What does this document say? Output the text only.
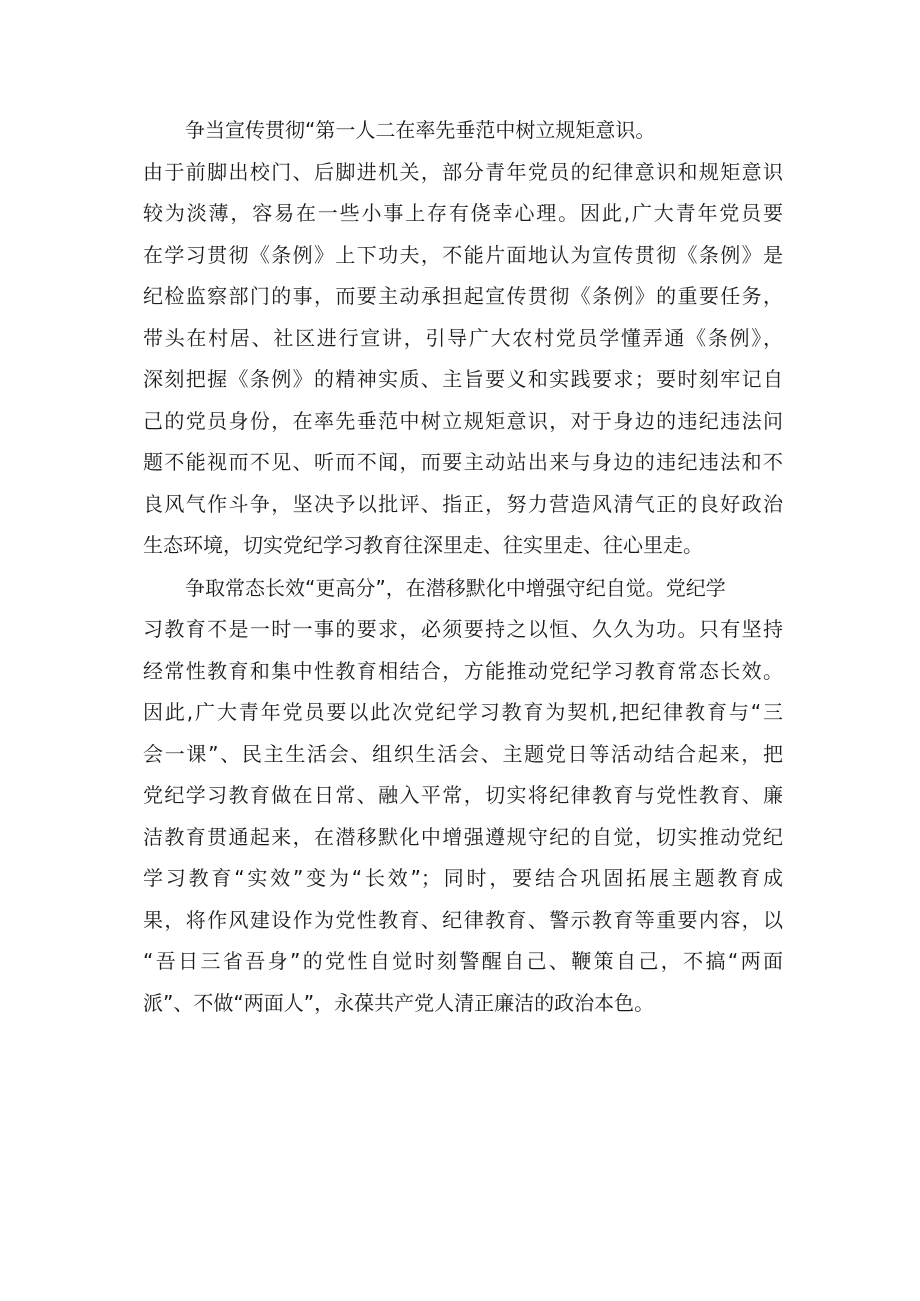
争当宣传贯彻“第一人二在率先垂范中树立规矩意识。
由于前脚出校门、后脚进机关，部分青年党员的纪律意识和规矩意识
较为淡薄，容易在一些小事上存有侥幸心理。因此,广大青年党员要
在学习贯彻《条例》上下功夫，不能片面地认为宣传贯彻《条例》是
纪检监察部门的事，而要主动承担起宣传贯彻《条例》的重要任务，
带头在村居、社区进行宣讲，引导广大农村党员学懂弄通《条例》，
深刻把握《条例》的精神实质、主旨要义和实践要求；要时刻牢记自
己的党员身份，在率先垂范中树立规矩意识，对于身边的违纪违法问
题不能视而不见、听而不闻，而要主动站出来与身边的违纪违法和不
良风气作斗争，坚决予以批评、指正，努力营造风清气正的良好政治
生态环境，切实党纪学习教育往深里走、往实里走、往心里走。
争取常态长效“更高分”，在潜移默化中增强守纪自觉。党纪学
习教育不是一时一事的要求，必须要持之以恒、久久为功。只有坚持
经常性教育和集中性教育相结合，方能推动党纪学习教育常态长效。
因此,广大青年党员要以此次党纪学习教育为契机,把纪律教育与“三
会一课”、民主生活会、组织生活会、主题党日等活动结合起来，把
党纪学习教育做在日常、融入平常，切实将纪律教育与党性教育、廉
洁教育贯通起来，在潜移默化中增强遵规守纪的自觉，切实推动党纪
学习教育“实效”变为“长效”；同时，要结合巩固拓展主题教育成
果，将作风建设作为党性教育、纪律教育、警示教育等重要内容，以
“吾日三省吾身”的党性自觉时刻警醒自己、鞭策自己，不搞“两面
派”、不做“两面人”，永葆共产党人清正廉洁的政治本色。
